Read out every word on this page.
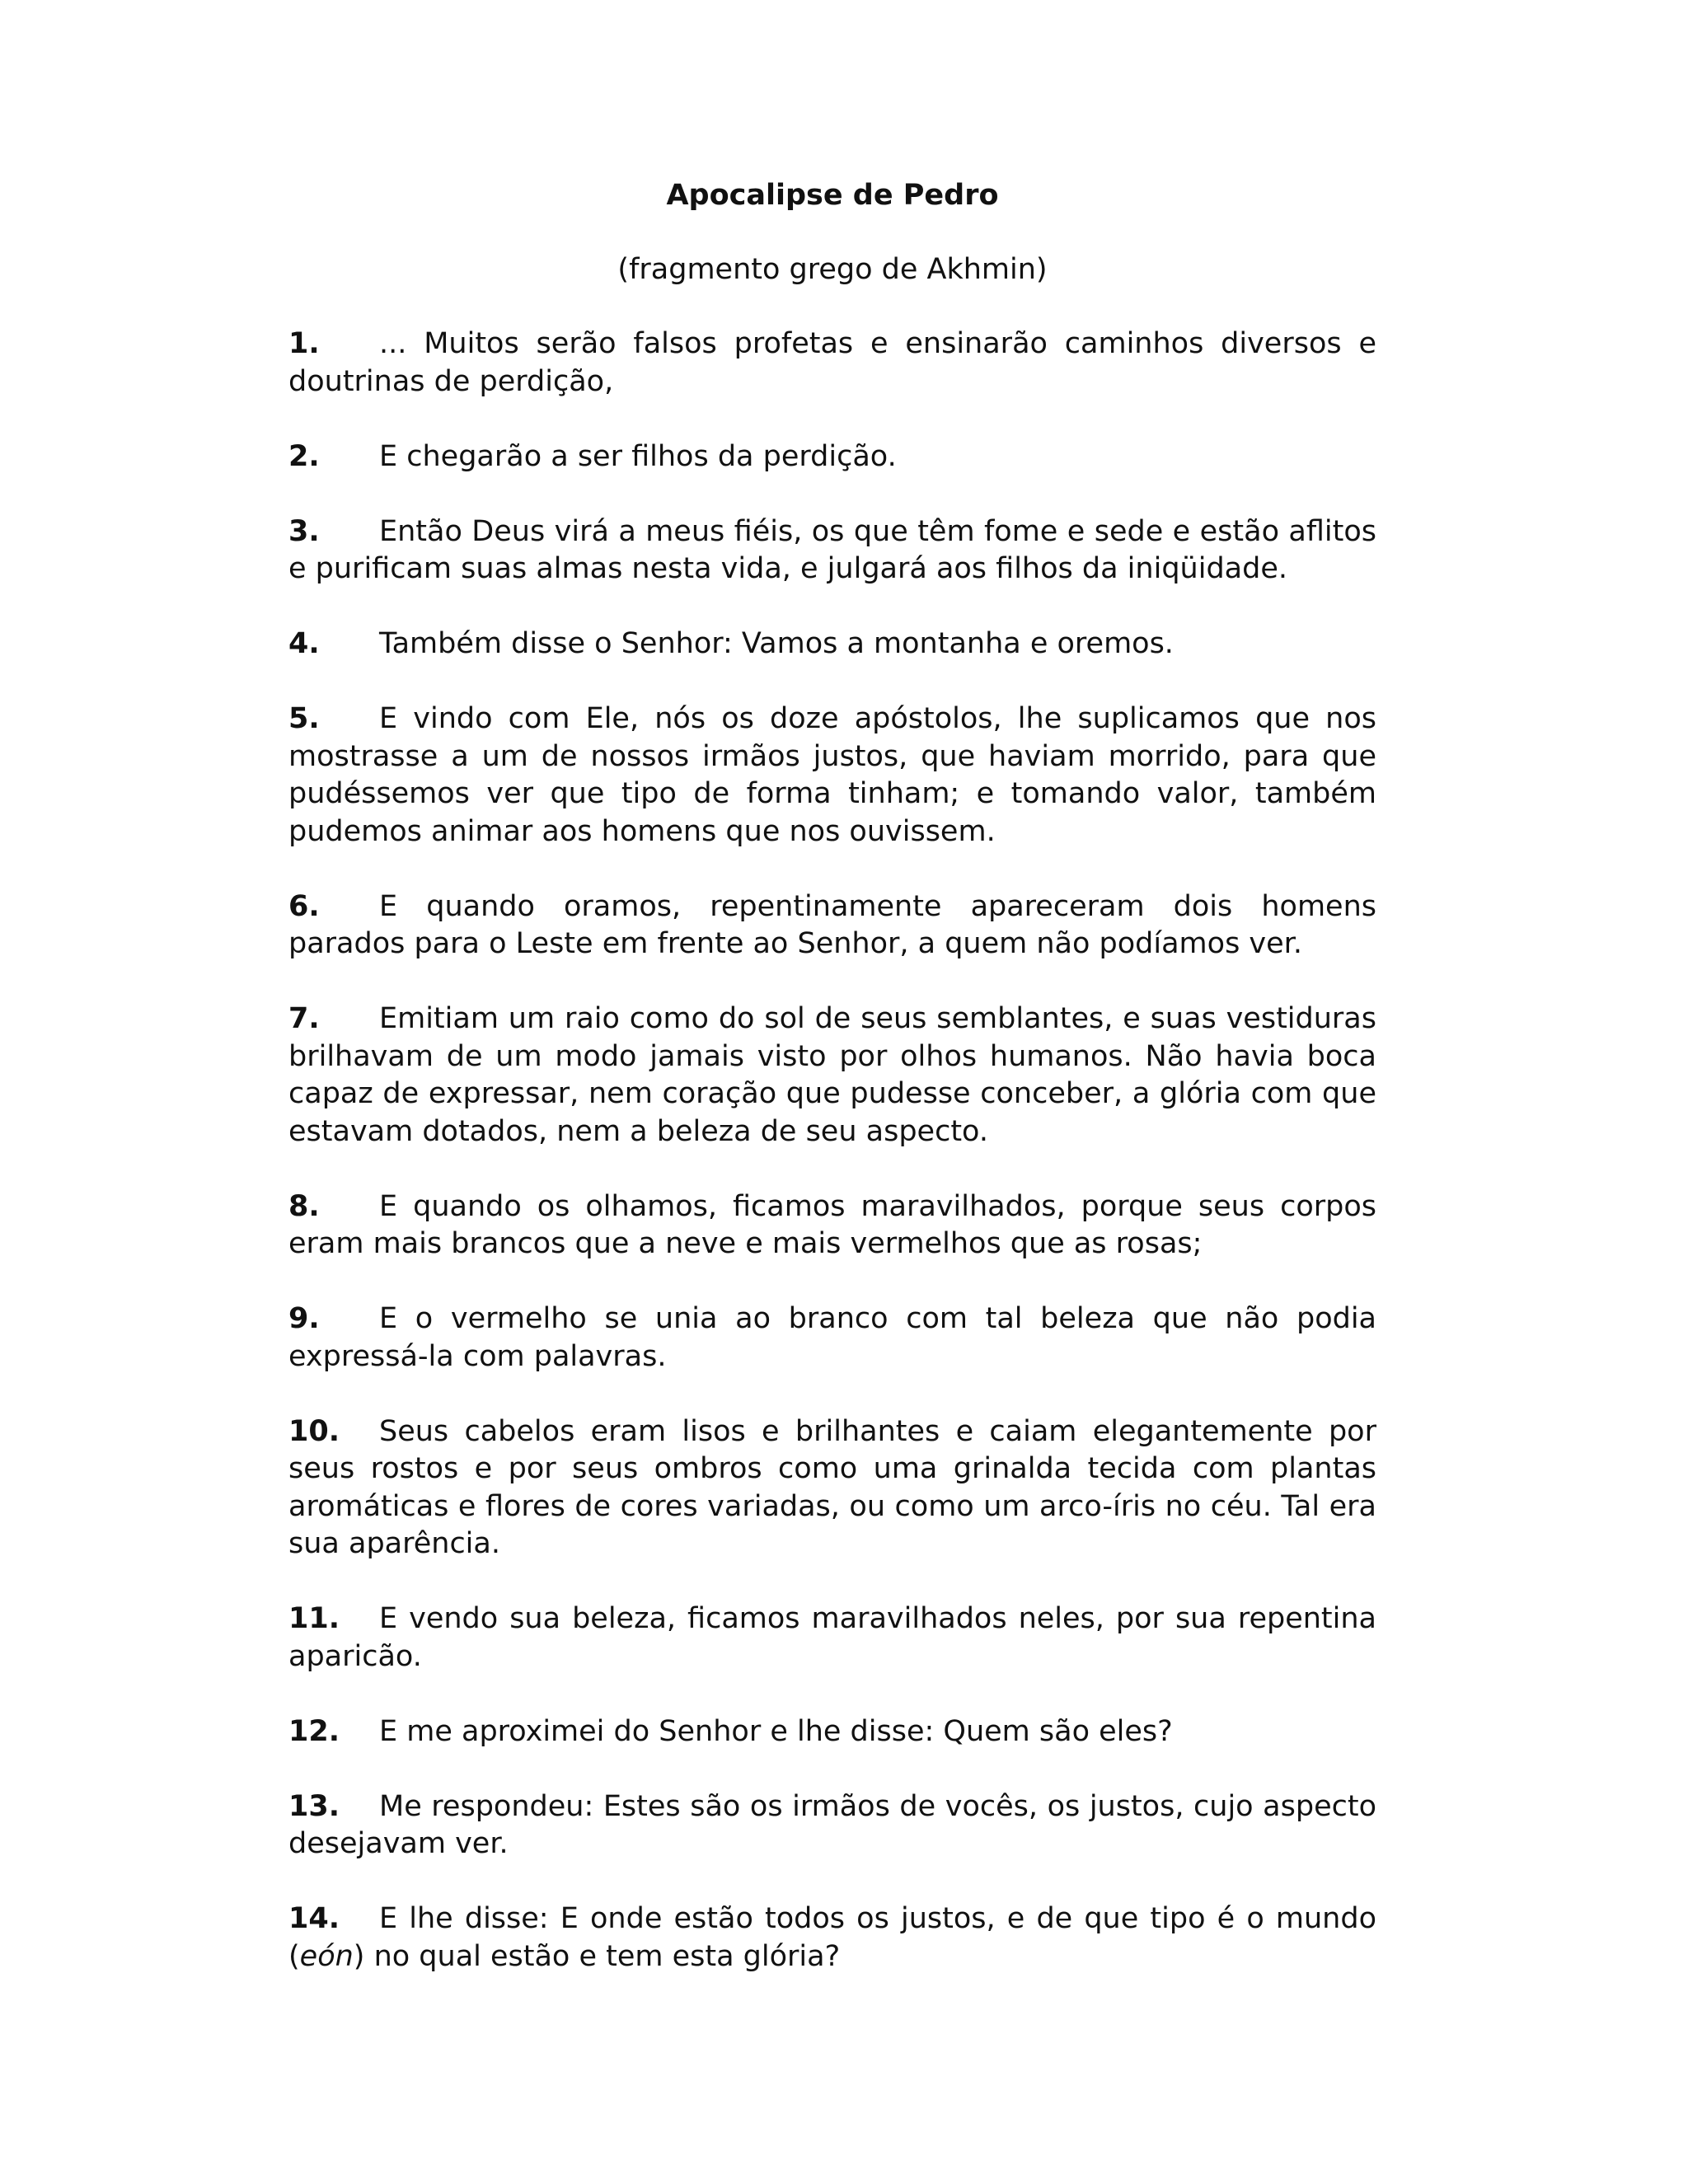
Apocalipse de Pedro

(fragmento grego de Akhmin)

1. ... Muitos serão falsos profetas e ensinarão caminhos diversos e doutrinas de perdição,

2. E chegarão a ser filhos da perdição.

3. Então Deus virá a meus fiéis, os que têm fome e sede e estão aflitos e purificam suas almas nesta vida, e julgará aos filhos da iniqüidade.

4. Também disse o Senhor: Vamos a montanha e oremos.

5. E vindo com Ele, nós os doze apóstolos, lhe suplicamos que nos mostrasse a um de nossos irmãos justos, que haviam morrido, para que pudéssemos ver que tipo de forma tinham; e tomando valor, também pudemos animar aos homens que nos ouvissem.

6. E quando oramos, repentinamente apareceram dois homens parados para o Leste em frente ao Senhor, a quem não podíamos ver.

7. Emitiam um raio como do sol de seus semblantes, e suas vestiduras brilhavam de um modo jamais visto por olhos humanos. Não havia boca capaz de expressar, nem coração que pudesse conceber, a glória com que estavam dotados, nem a beleza de seu aspecto.

8. E quando os olhamos, ficamos maravilhados, porque seus corpos eram mais brancos que a neve e mais vermelhos que as rosas;

9. E o vermelho se unia ao branco com tal beleza que não podia expressá-la com palavras.

10. Seus cabelos eram lisos e brilhantes e caiam elegantemente por seus rostos e por seus ombros como uma grinalda tecida com plantas aromáticas e flores de cores variadas, ou como um arco-íris no céu. Tal era sua aparência.

11. E vendo sua beleza, ficamos maravilhados neles, por sua repentina aparicão.

12. E me aproximei do Senhor e lhe disse: Quem são eles?

13. Me respondeu: Estes são os irmãos de vocês, os justos, cujo aspecto desejavam ver.

14. E lhe disse: E onde estão todos os justos, e de que tipo é o mundo (eón) no qual estão e tem esta glória?
